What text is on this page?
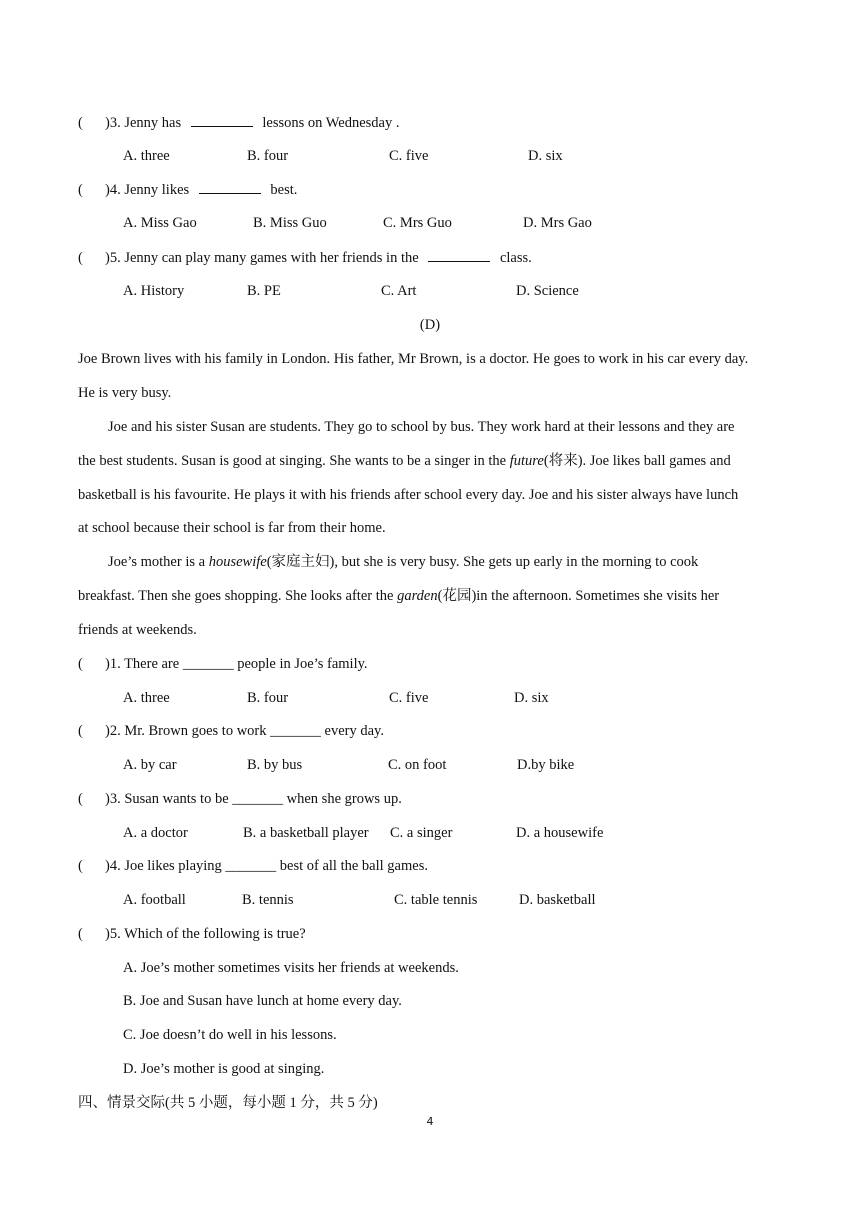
( )3. Jenny has	lessons on Wednesday .
A. three	B. four	C. five	D. six
( )4. Jenny likes	best.
A. Miss Gao	B. Miss Guo	C. Mrs Guo	D. Mrs Gao
( )5. Jenny can play many games with her friends in the	class.
A. History	B. PE	C. Art	D. Science
(D)
Joe Brown lives with his family in London. His father, Mr Brown, is a doctor. He goes to work in his car every day.
He is very busy.
Joe and his sister Susan are students. They go to school by bus. They work hard at their lessons and they are
the best students. Susan is good at singing. She wants to be a singer in the future(将来). Joe likes ball games and
basketball is his favourite. He plays it with his friends after school every day. Joe and his sister always have lunch
at school because their school is far from their home.
Joe’s mother is a housewife(家庭主妇), but she is very busy. She gets up early in the morning to cook
breakfast. Then she goes shopping. She looks after the garden(花园)in the afternoon. Sometimes she visits her
friends at weekends.
( )1. There are _______ people in Joe’s family.
A. three	B. four	C. five	D. six
( )2. Mr. Brown goes to work _______ every day.
A. by car	B. by bus	C. on foot	D.by bike
( )3. Susan wants to be _______ when she grows up.
A. a doctor	B. a basketball player C. a singer	D. a housewife
( )4. Joe likes playing _______ best of all the ball games.
A. football	B. tennis	C. table tennis	D. basketball
( )5. Which of the following is true?
A. Joe’s mother sometimes visits her friends at weekends.
B. Joe and Susan have lunch at home every day.
C. Joe doesn’t do well in his lessons.
D. Joe’s mother is good at singing.
四、情景交际(共 5 小题，每小题 1 分，共 5 分)
4
